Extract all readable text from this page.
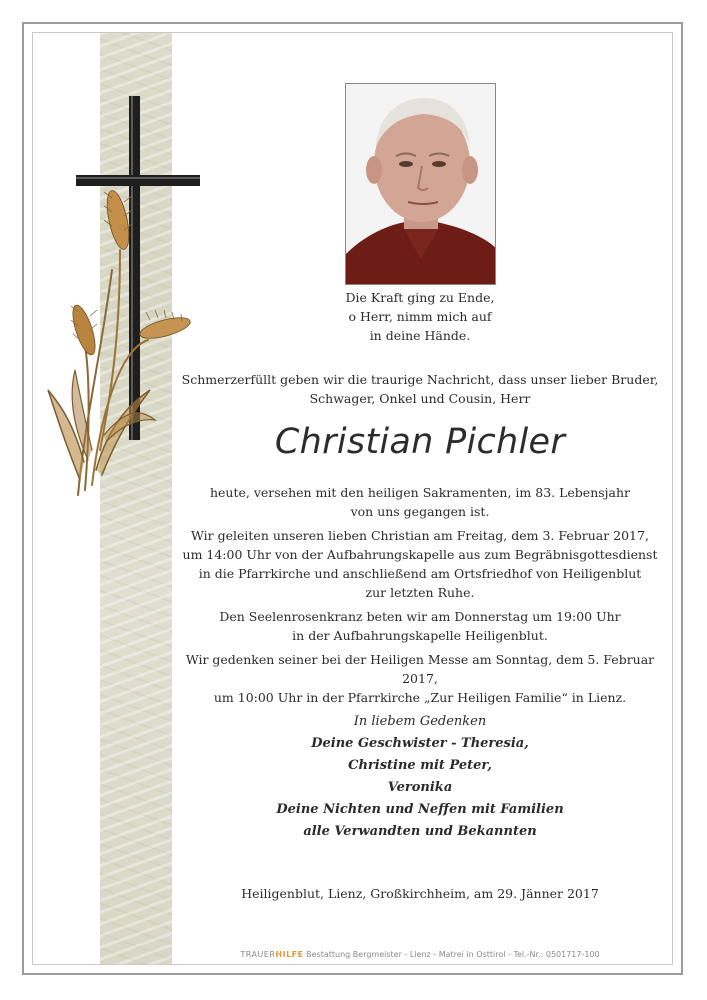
Die Kraft ging zu Ende,
o Herr, nimm mich auf
in deine Hände.
Schmerzerfüllt geben wir die traurige Nachricht, dass unser lieber Bruder,
Schwager, Onkel und Cousin, Herr
Christian Pichler
heute, versehen mit den heiligen Sakramenten, im 83. Lebensjahr
von uns gegangen ist.
Wir geleiten unseren lieben Christian am Freitag, dem 3. Februar 2017,
um 14:00 Uhr von der Aufbahrungskapelle aus zum Begräbnisgottesdienst
in die Pfarrkirche und anschließend am Ortsfriedhof von Heiligenblut
zur letzten Ruhe.
Den Seelenrosenkranz beten wir am Donnerstag um 19:00 Uhr
in der Aufbahrungskapelle Heiligenblut.
Wir gedenken seiner bei der Heiligen Messe am Sonntag, dem 5. Februar 2017,
um 10:00 Uhr in der Pfarrkirche „Zur Heiligen Familie“ in Lienz.
In liebem Gedenken
Deine Geschwister - Theresia,
Christine mit Peter,
Veronika
Deine Nichten und Neffen mit Familien
alle Verwandten und Bekannten
Heiligenblut, Lienz, Großkirchheim, am 29. Jänner 2017
TRAUERHILFE Bestattung Bergmeister - Lienz - Matrei in Osttirol - Tel.-Nr.: 0501717-100
